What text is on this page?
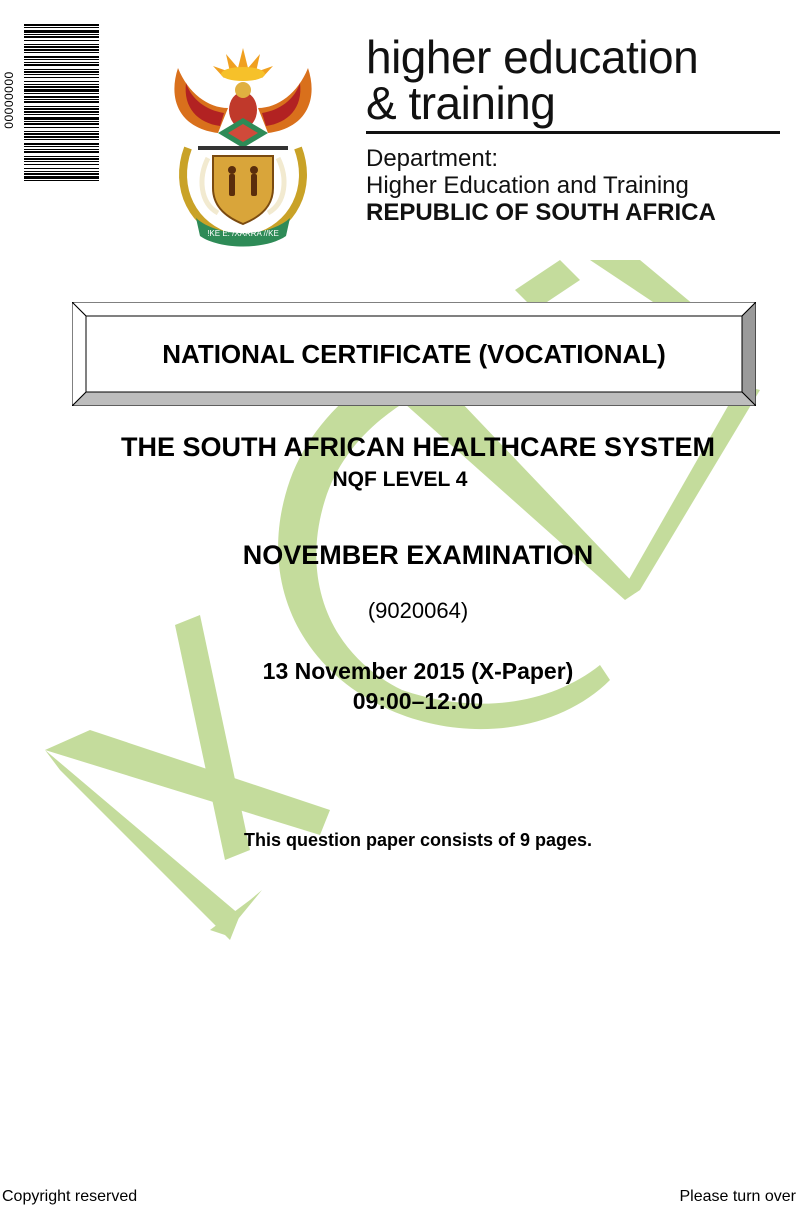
00000000
!KE E: /XARRA //KE
higher education
& training
Department:
Higher Education and Training
REPUBLIC OF SOUTH AFRICA
NATIONAL CERTIFICATE (VOCATIONAL)
THE SOUTH AFRICAN HEALTHCARE SYSTEM
NQF LEVEL 4
NOVEMBER EXAMINATION
(9020064)
13 November 2015 (X-Paper)
09:00–12:00
This question paper consists of 9 pages.
Copyright reserved	Please turn over
